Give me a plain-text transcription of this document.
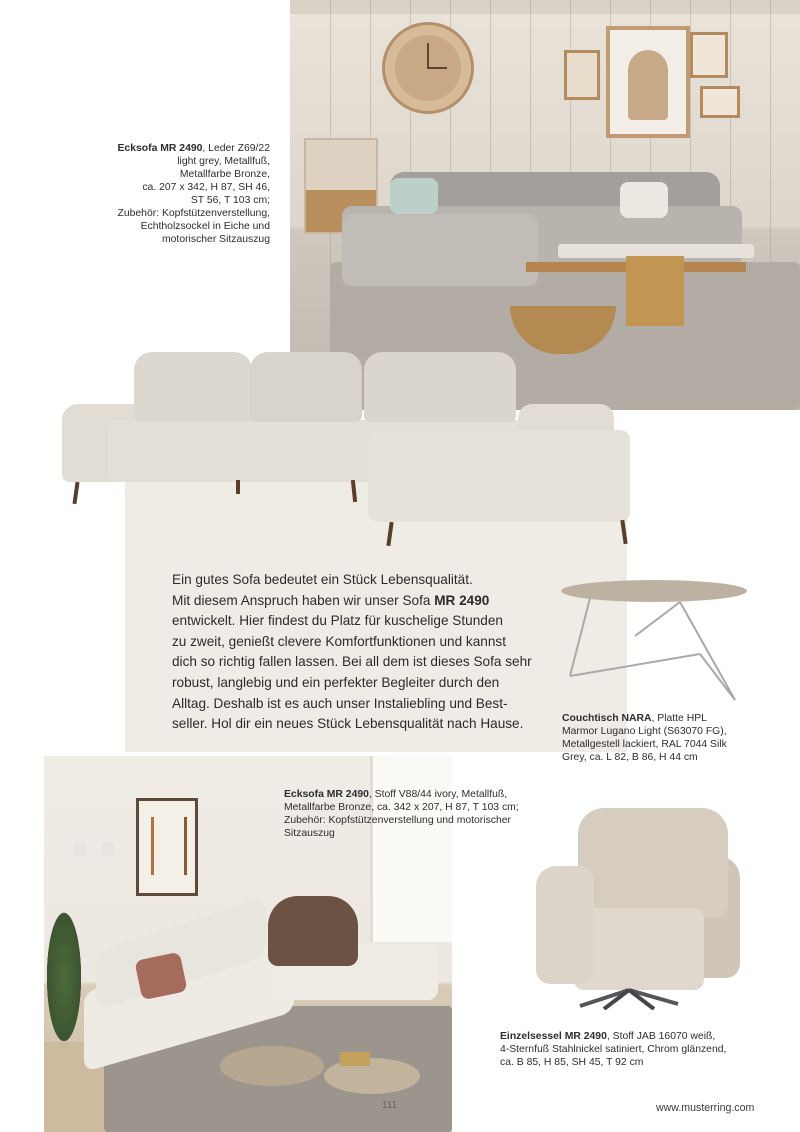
Ein gutes Sofa bedeutet ein Stück Lebensqualität.
Mit diesem Anspruch haben wir unser Sofa MR 2490
entwickelt. Hier findest du Platz für kuschelige Stunden
zu zweit, genießt clevere Komfortfunktionen und kannst
dich so richtig fallen lassen. Bei all dem ist dieses Sofa sehr
robust, langlebig und ein perfekter Begleiter durch den
Alltag. Deshalb ist es auch unser Instaliebling und Best-
seller. Hol dir ein neues Stück Lebensqualität nach Hause.
Ecksofa MR 2490, Leder Z69/22
light grey, Metallfuß,
Metallfarbe Bronze,
ca. 207 x 342, H 87, SH 46,
ST 56, T 103 cm;
Zubehör: Kopfstützenverstellung,
Echtholzsockel in Eiche und
motorischer Sitzauszug
Couchtisch NARA, Platte HPL
Marmor Lugano Light (S63070 FG),
Metallgestell lackiert, RAL 7044 Silk
Grey, ca. L 82, B 86, H 44 cm
Ecksofa MR 2490, Stoff V88/44 ivory, Metallfuß,
Metallfarbe Bronze, ca. 342 x 207, H 87, T 103 cm;
Zubehör: Kopfstützenverstellung und motorischer
Sitzauszug
Einzelsessel MR 2490, Stoff JAB 16070 weiß,
4-Sternfuß Stahlnickel satiniert, Chrom glänzend,
ca. B 85, H 85, SH 45, T 92 cm
111	www.musterring.com
